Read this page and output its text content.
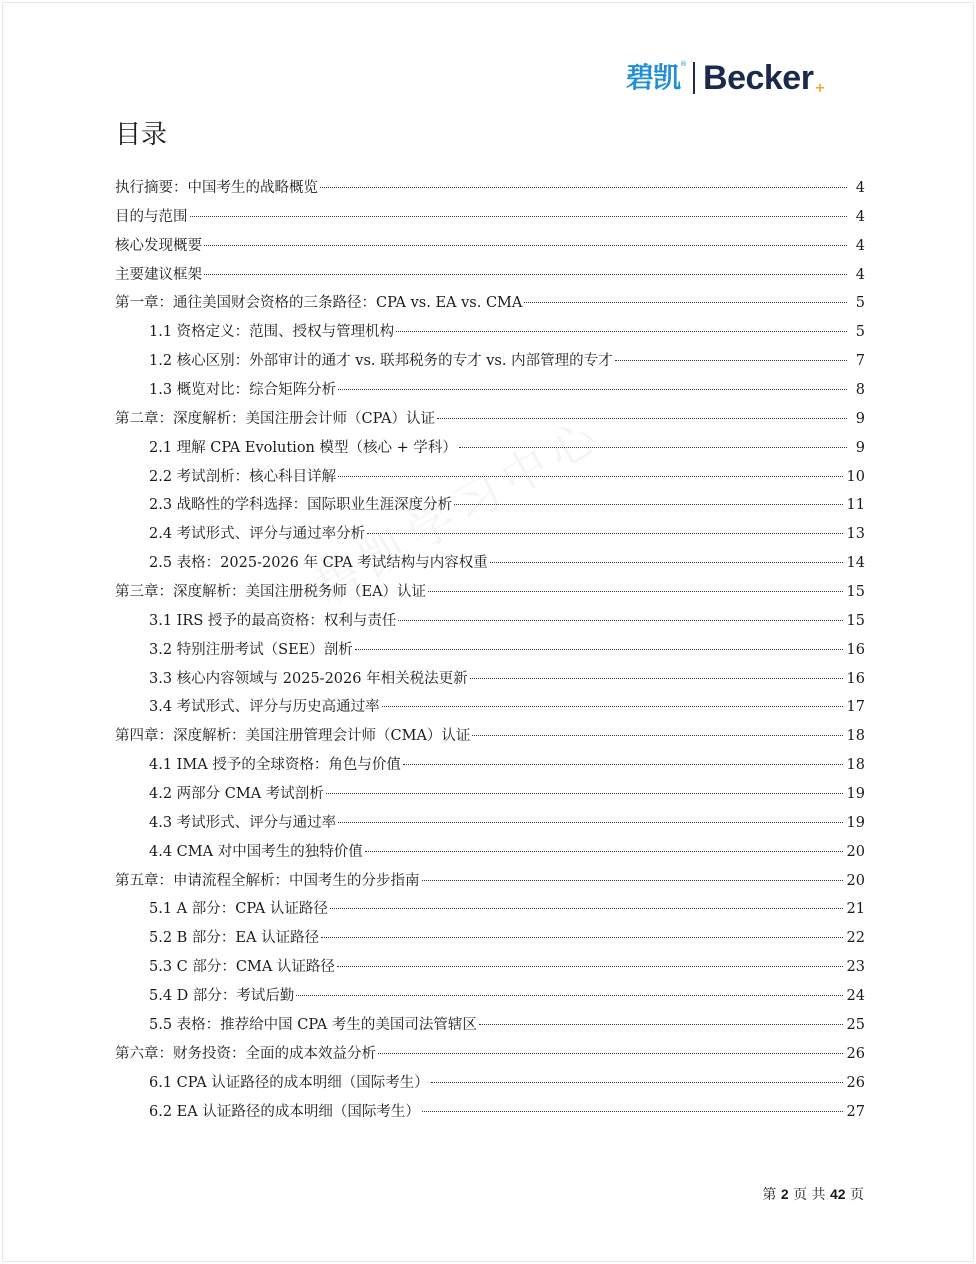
碧凯 ® Becker +
目录
执行摘要：中国考生的战略概览	4
目的与范围	4
核心发现概要	4
主要建议框架	4
第一章：通往美国财会资格的三条路径：CPA vs. EA vs. CMA	5
1.1 资格定义：范围、授权与管理机构	5
1.2 核心区别：外部审计的通才 vs. 联邦税务的专才 vs. 内部管理的专才	7
1.3 概览对比：综合矩阵分析	8
第二章：深度解析：美国注册会计师（CPA）认证	9
2.1 理解 CPA Evolution 模型（核心 + 学科）	9
2.2 考试剖析：核心科目详解	10
2.3 战略性的学科选择：国际职业生涯深度分析	11
2.4 考试形式、评分与通过率分析	13
2.5 表格：2025-2026 年 CPA 考试结构与内容权重	14
第三章：深度解析：美国注册税务师（EA）认证	15
3.1 IRS 授予的最高资格：权利与责任	15
3.2 特别注册考试（SEE）剖析	16
3.3 核心内容领域与 2025-2026 年相关税法更新	16
3.4 考试形式、评分与历史高通过率	17
第四章：深度解析：美国注册管理会计师（CMA）认证	18
4.1 IMA 授予的全球资格：角色与价值	18
4.2 两部分 CMA 考试剖析	19
4.3 考试形式、评分与通过率	19
4.4 CMA 对中国考生的独特价值	20
第五章：申请流程全解析：中国考生的分步指南	20
5.1 A 部分：CPA 认证路径	21
5.2 B 部分：EA 认证路径	22
5.3 C 部分：CMA 认证路径	23
5.4 D 部分：考试后勤	24
5.5 表格：推荐给中国 CPA 考生的美国司法管辖区	25
第六章：财务投资：全面的成本效益分析	26
6.1 CPA 认证路径的成本明细（国际考生）	26
6.2 EA 认证路径的成本明细（国际考生）	27
第 2 页 共 42 页
